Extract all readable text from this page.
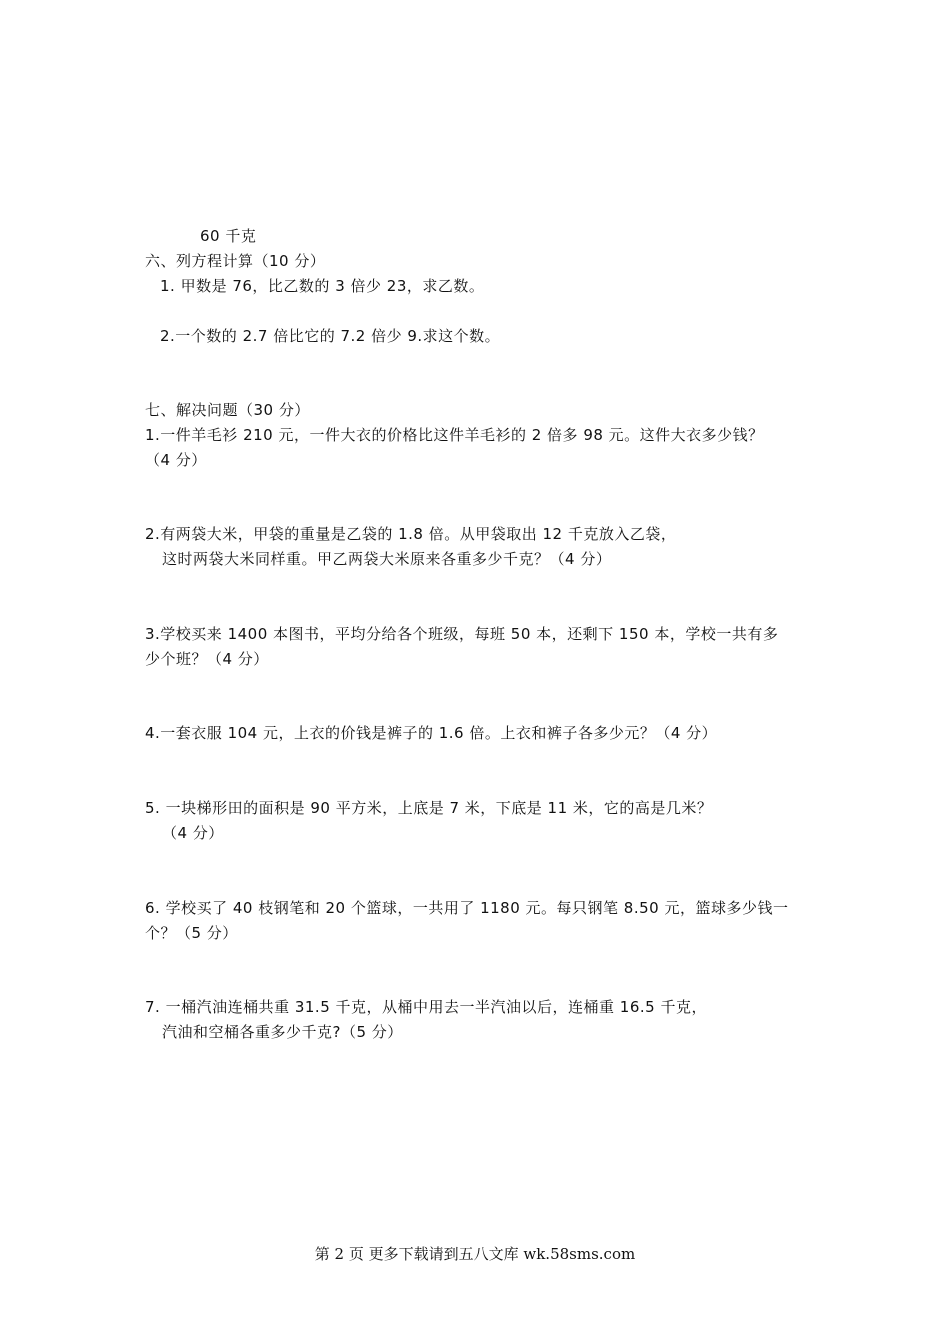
60 千克
六、列方程计算（10 分）
1. 甲数是 76，比乙数的 3 倍少 23，求乙数。
2.一个数的 2.7 倍比它的 7.2 倍少 9.求这个数。
七、解决问题（30 分）
1.一件羊毛衫 210 元，一件大衣的价格比这件羊毛衫的 2 倍多 98 元。这件大衣多少钱？
（4 分）
2.有两袋大米，甲袋的重量是乙袋的 1.8 倍。从甲袋取出 12 千克放入乙袋，
这时两袋大米同样重。甲乙两袋大米原来各重多少千克？（4 分）
3.学校买来 1400 本图书，平均分给各个班级，每班 50 本，还剩下 150 本，学校一共有多
少个班？（4 分）
4.一套衣服 104 元，上衣的价钱是裤子的 1.6 倍。上衣和裤子各多少元？（4 分）
5. 一块梯形田的面积是 90 平方米，上底是 7 米，下底是 11 米，它的高是几米？
（4 分）
6. 学校买了 40 枝钢笔和 20 个篮球，一共用了 1180 元。每只钢笔 8.50 元，篮球多少钱一
个？（5 分）
7. 一桶汽油连桶共重 31.5 千克，从桶中用去一半汽油以后，连桶重 16.5 千克，
汽油和空桶各重多少千克?（5 分）
第 2 页 更多下载请到五八文库 wk.58sms.com
